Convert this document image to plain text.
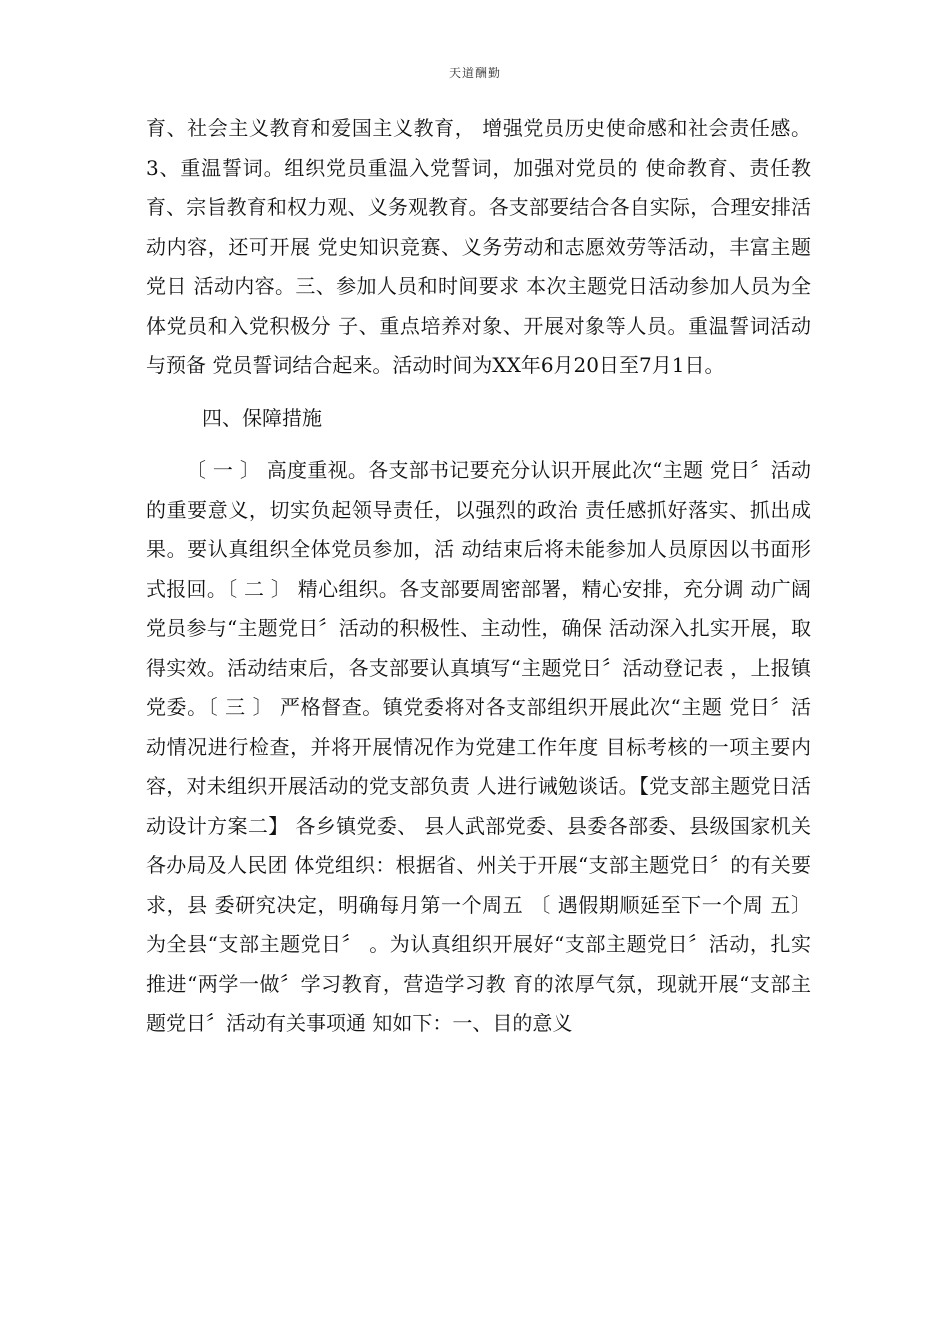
天道酬勤

育、社会主义教育和爱国主义教育， 增强党员历史使命感和社会责任感。3、重温誓词。组织党员重温入党誓词，加强对党员的 使命教育、责任教育、宗旨教育和权力观、义务观教育。各支部要结合各自实际，合理安排活动内容，还可开展 党史知识竞赛、义务劳动和志愿效劳等活动，丰富主题党日 活动内容。三、参加人员和时间要求 本次主题党日活动参加人员为全体党员和入党积极分 子、重点培养对象、开展对象等人员。重温誓词活动与预备 党员誓词结合起来。活动时间为XX年6月20日至7月1日。

四、保障措施

〔 一 〕 高度重视。各支部书记要充分认识开展此次“主题 党日〞活动的重要意义，切实负起领导责任，以强烈的政治 责任感抓好落实、抓出成果。要认真组织全体党员参加，活 动结束后将未能参加人员原因以书面形式报回。〔 二 〕 精心组织。各支部要周密部署，精心安排，充分调 动广阔党员参与“主题党日〞活动的积极性、主动性，确保 活动深入扎实开展，取得实效。活动结束后，各支部要认真填写“主题党日〞活动登记表 ，上报镇党委。〔 三 〕 严格督查。镇党委将对各支部组织开展此次“主题 党日〞活动情况进行检查，并将开展情况作为党建工作年度 目标考核的一项主要内容，对未组织开展活动的党支部负责 人进行诫勉谈话。【党支部主题党日活动设计方案二】 各乡镇党委、 县人武部党委、县委各部委、县级国家机关各办局及人民团 体党组织：根据省、州关于开展“支部主题党日〞的有关要求，县 委研究决定，明确每月第一个周五 〔 遇假期顺延至下一个周 五〕 为全县“支部主题党日〞 。为认真组织开展好“支部主题党日〞活动，扎实推进“两学一做〞学习教育，营造学习教 育的浓厚气氛，现就开展“支部主题党日〞活动有关事项通 知如下：一、目的意义
